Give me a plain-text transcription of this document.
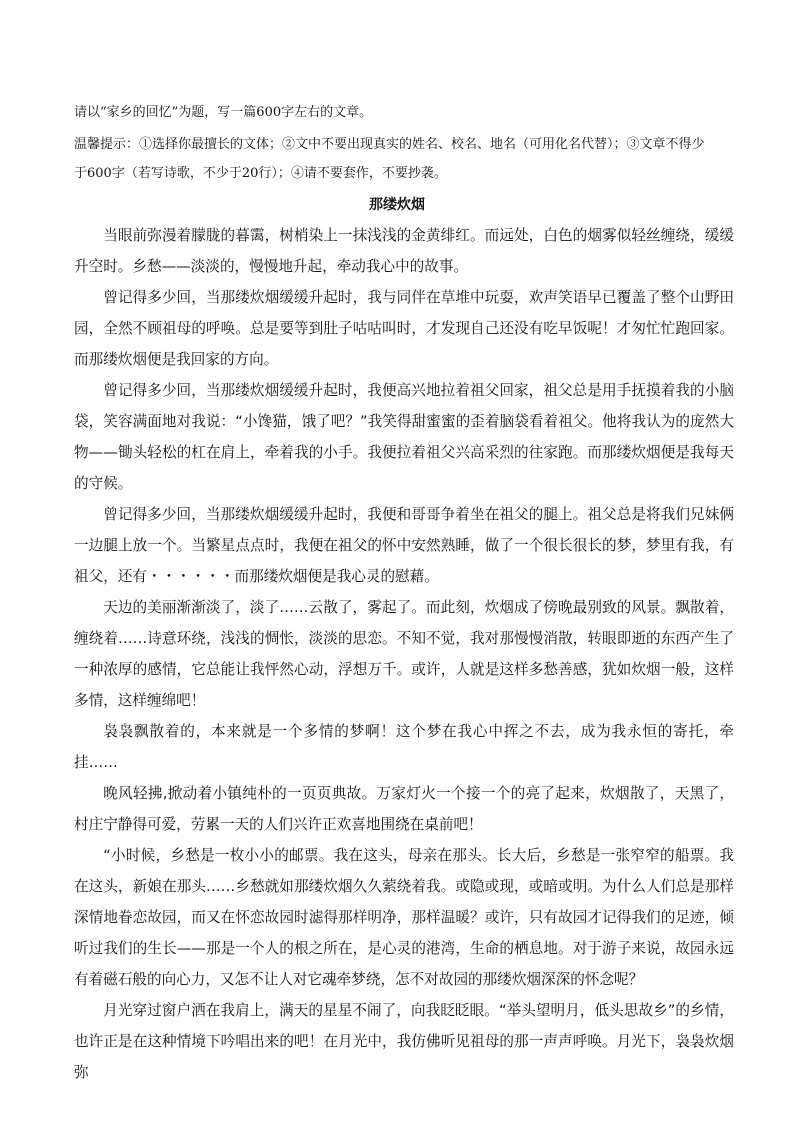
请以“家乡的回忆”为题，写一篇600字左右的文章。
温馨提示：①选择你最擅长的文体；②文中不要出现真实的姓名、校名、地名（可用化名代替）；③文章不得少
于600字（若写诗歌，不少于20行）；④请不要套作，不要抄袭。
那缕炊烟

当眼前弥漫着朦胧的暮霭，树梢染上一抹浅浅的金黄绯红。而远处，白色的烟雾似轻丝缠绕，缓缓升空时。乡愁——淡淡的，慢慢地升起，牵动我心中的故事。

曾记得多少回，当那缕炊烟缓缓升起时，我与同伴在草堆中玩耍，欢声笑语早已覆盖了整个山野田园，全然不顾祖母的呼唤。总是要等到肚子咕咕叫时，才发现自己还没有吃早饭呢！才匆忙忙跑回家。而那缕炊烟便是我回家的方向。

曾记得多少回，当那缕炊烟缓缓升起时，我便高兴地拉着祖父回家，祖父总是用手抚摸着我的小脑袋，笑容满面地对我说：“小馋猫，饿了吧？”我笑得甜蜜蜜的歪着脑袋看着祖父。他将我认为的庞然大物——锄头轻松的杠在肩上，牵着我的小手。我便拉着祖父兴高采烈的往家跑。而那缕炊烟便是我每天的守候。

曾记得多少回，当那缕炊烟缓缓升起时，我便和哥哥争着坐在祖父的腿上。祖父总是将我们兄妹俩一边腿上放一个。当繁星点点时，我便在祖父的怀中安然熟睡，做了一个很长很长的梦，梦里有我，有祖父，还有・・・・・・而那缕炊烟便是我心灵的慰藉。

天边的美丽渐渐淡了，淡了……云散了，雾起了。而此刻，炊烟成了傍晚最别致的风景。飘散着，缠绕着……诗意环绕，浅浅的惆怅，淡淡的思恋。不知不觉，我对那慢慢消散，转眼即逝的东西产生了一种浓厚的感情，它总能让我怦然心动，浮想万千。或许，人就是这样多愁善感，犹如炊烟一般，这样多情，这样缠绵吧！

袅袅飘散着的，本来就是一个多情的梦啊！这个梦在我心中挥之不去，成为我永恒的寄托，牵挂……

晚风轻拂,掀动着小镇纯朴的一页页典故。万家灯火一个接一个的亮了起来，炊烟散了，天黑了，村庄宁静得可爱，劳累一天的人们兴许正欢喜地围绕在桌前吧！

“小时候，乡愁是一枚小小的邮票。我在这头，母亲在那头。长大后，乡愁是一张窄窄的船票。我在这头，新娘在那头……乡愁就如那缕炊烟久久萦绕着我。或隐或现，或暗或明。为什么人们总是那样深情地眷恋故园，而又在怀恋故园时滤得那样明净，那样温暖？或许，只有故园才记得我们的足迹，倾听过我们的生长——那是一个人的根之所在，是心灵的港湾，生命的栖息地。对于游子来说，故园永远有着磁石般的向心力，又怎不让人对它魂牵梦绕，怎不对故园的那缕炊烟深深的怀念呢？

月光穿过窗户洒在我肩上，满天的星星不闹了，向我眨眨眼。“举头望明月，低头思故乡”的乡情，也许正是在这种情境下吟唱出来的吧！在月光中，我仿佛听见祖母的那一声声呼唤。月光下，袅袅炊烟弥
